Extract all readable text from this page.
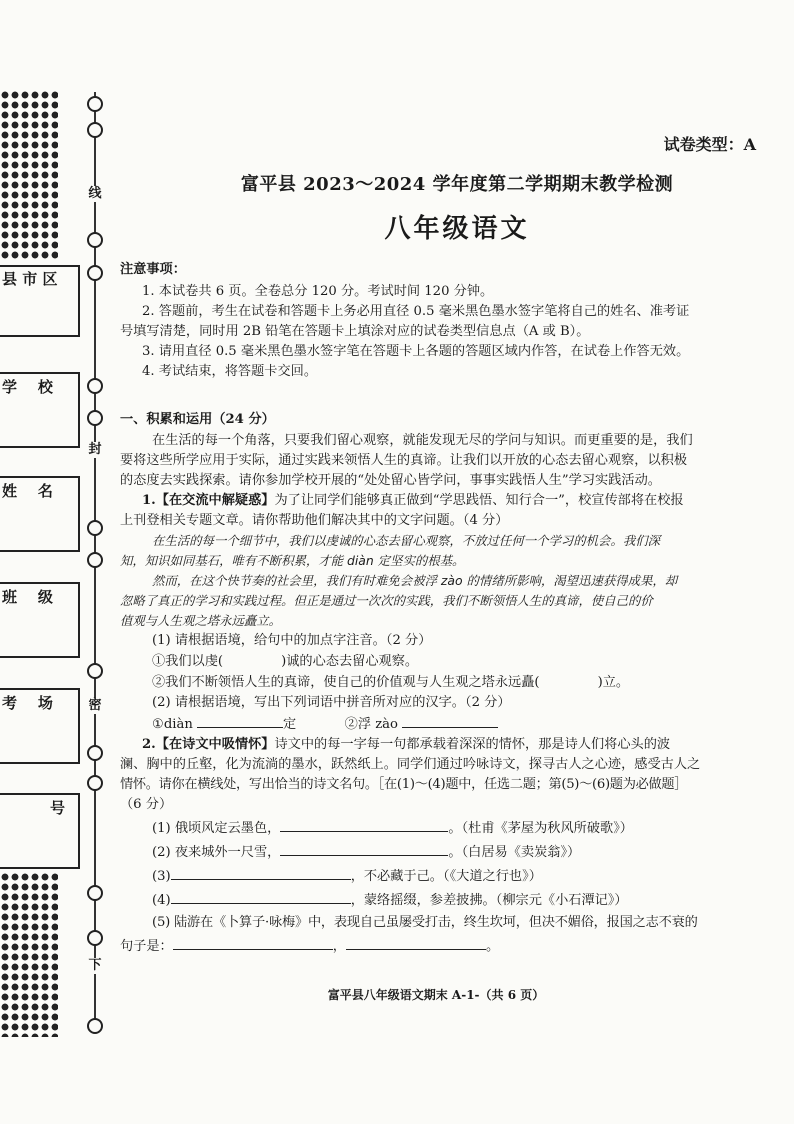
县 市 区
学    校
姓    名
班    级
考    场
号
线
封
密
下
试卷类型：A
富平县 2023～2024 学年度第二学期期末教学检测
八年级语文
注意事项：
1. 本试卷共 6 页。全卷总分 120 分。考试时间 120 分钟。
2. 答题前，考生在试卷和答题卡上务必用直径 0.5 毫米黑色墨水签字笔将自己的姓名、准考证
号填写清楚，同时用 2B 铅笔在答题卡上填涂对应的试卷类型信息点（A 或 B）。
3. 请用直径 0.5 毫米黑色墨水签字笔在答题卡上各题的答题区域内作答，在试卷上作答无效。
4. 考试结束，将答题卡交回。
一、积累和运用（24 分）
在生活的每一个角落，只要我们留心观察，就能发现无尽的学问与知识。而更重要的是，我们
要将这些所学应用于实际，通过实践来领悟人生的真谛。让我们以开放的心态去留心观察，以积极
的态度去实践探索。请你参加学校开展的“处处留心皆学问，事事实践悟人生”学习实践活动。
1.【在交流中解疑惑】为了让同学们能够真正做到“学思践悟、知行合一”，校宣传部将在校报
上刊登相关专题文章。请你帮助他们解决其中的文字问题。（4 分）
在生活的每一个细节中，我们以虔诚的心态去留心观察，不放过任何一个学习的机会。我们深
知，知识如同基石，唯有不断积累，才能 diàn 定坚实的根基。
然而，在这个快节奏的社会里，我们有时难免会被浮 zào 的情绪所影响，渴望迅速获得成果，却
忽略了真正的学习和实践过程。但正是通过一次次的实践，我们不断领悟人生的真谛，使自己的价
值观与人生观之塔永远矗立。
(1) 请根据语境，给句中的加点字注音。（2 分）
①我们以虔(	)诚的心态去留心观察。
②我们不断领悟人生的真谛，使自己的价值观与人生观之塔永远矗(	)立。
(2) 请根据语境，写出下列词语中拼音所对应的汉字。（2 分）
①diàn	定	②浮 zào
2.【在诗文中吸情怀】诗文中的每一字每一句都承载着深深的情怀，那是诗人们将心头的波
澜、胸中的丘壑，化为流淌的墨水，跃然纸上。同学们通过吟咏诗文，探寻古人之心迹，感受古人之
情怀。请你在横线处，写出恰当的诗文名句。［在(1)～(4)题中，任选二题；第(5)～(6)题为必做题］
（6 分）
(1) 俄顷风定云墨色，	。（杜甫《茅屋为秋风所破歌》）
(2) 夜来城外一尺雪，	。（白居易《卖炭翁》）
(3)	，不必藏于己。（《大道之行也》）
(4)	，蒙络摇缀，参差披拂。（柳宗元《小石潭记》）
(5) 陆游在《卜算子·咏梅》中，表现自己虽屡受打击，终生坎坷，但决不媚俗，报国之志不衰的
句子是：	，	。
富平县八年级语文期末 A-1-（共 6 页）
